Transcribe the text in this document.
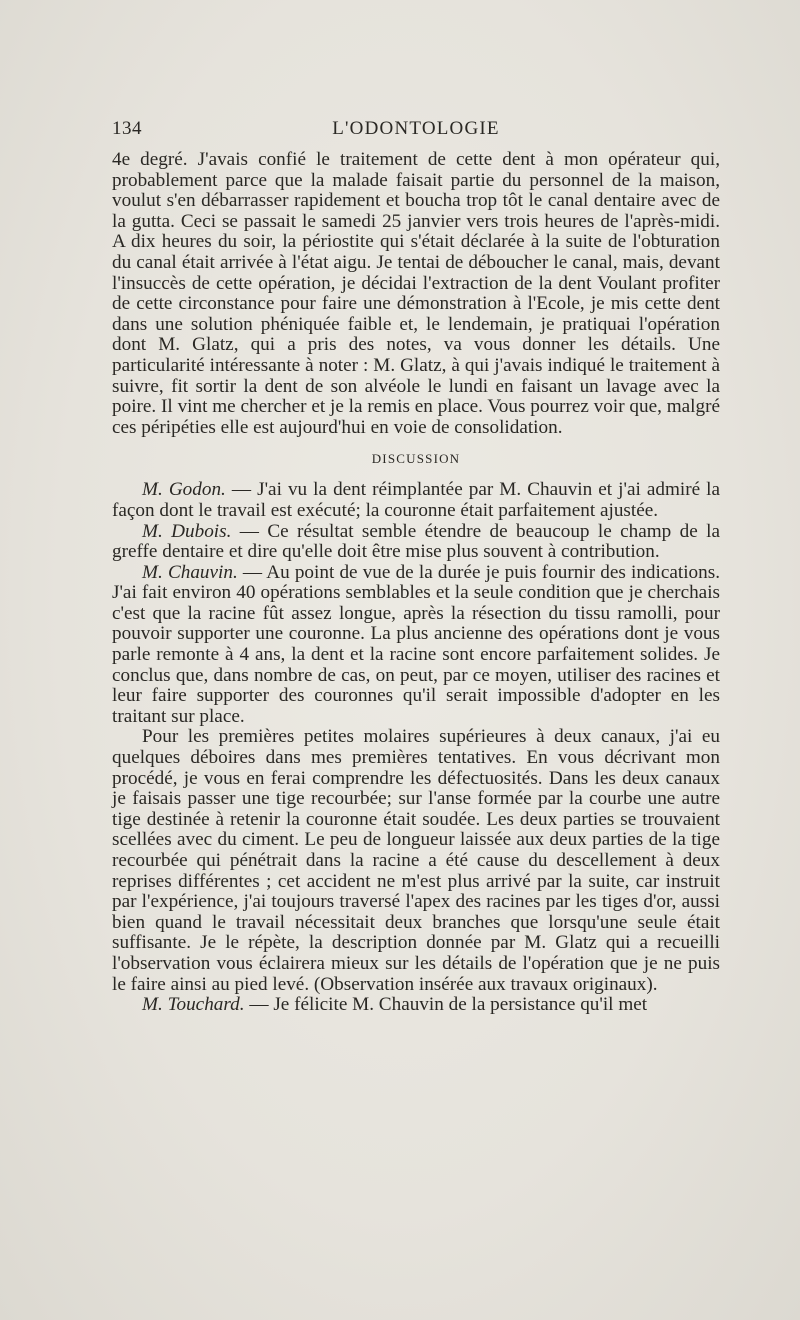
134	L'ODONTOLOGIE

4e degré. J'avais confié le traitement de cette dent à mon opérateur qui, probablement parce que la malade faisait partie du personnel de la maison, voulut s'en débarrasser rapidement et boucha trop tôt le canal dentaire avec de la gutta. Ceci se passait le samedi 25 janvier vers trois heures de l'après-midi. A dix heures du soir, la périostite qui s'était déclarée à la suite de l'obturation du canal était arrivée à l'état aigu. Je tentai de déboucher le canal, mais, devant l'insuccès de cette opération, je décidai l'extraction de la dent Voulant profiter de cette circonstance pour faire une démonstration à l'Ecole, je mis cette dent dans une solution phéniquée faible et, le lendemain, je pratiquai l'opération dont M. Glatz, qui a pris des notes, va vous donner les détails. Une particularité intéressante à noter : M. Glatz, à qui j'avais indiqué le traitement à suivre, fit sortir la dent de son alvéole le lundi en faisant un lavage avec la poire. Il vint me chercher et je la remis en place. Vous pourrez voir que, malgré ces péripéties elle est aujourd'hui en voie de consolidation.

DISCUSSION

M. Godon. — J'ai vu la dent réimplantée par M. Chauvin et j'ai admiré la façon dont le travail est exécuté; la couronne était parfaitement ajustée.

M. Dubois. — Ce résultat semble étendre de beaucoup le champ de la greffe dentaire et dire qu'elle doit être mise plus souvent à contribution.

M. Chauvin. — Au point de vue de la durée je puis fournir des indications. J'ai fait environ 40 opérations semblables et la seule condition que je cherchais c'est que la racine fût assez longue, après la résection du tissu ramolli, pour pouvoir supporter une couronne. La plus ancienne des opérations dont je vous parle remonte à 4 ans, la dent et la racine sont encore parfaitement solides. Je conclus que, dans nombre de cas, on peut, par ce moyen, utiliser des racines et leur faire supporter des couronnes qu'il serait impossible d'adopter en les traitant sur place.

Pour les premières petites molaires supérieures à deux canaux, j'ai eu quelques déboires dans mes premières tentatives. En vous décrivant mon procédé, je vous en ferai comprendre les défectuosités. Dans les deux canaux je faisais passer une tige recourbée; sur l'anse formée par la courbe une autre tige destinée à retenir la couronne était soudée. Les deux parties se trouvaient scellées avec du ciment. Le peu de longueur laissée aux deux parties de la tige recourbée qui pénétrait dans la racine a été cause du descellement à deux reprises différentes ; cet accident ne m'est plus arrivé par la suite, car instruit par l'expérience, j'ai toujours traversé l'apex des racines par les tiges d'or, aussi bien quand le travail nécessitait deux branches que lorsqu'une seule était suffisante. Je le répète, la description donnée par M. Glatz qui a recueilli l'observation vous éclairera mieux sur les détails de l'opération que je ne puis le faire ainsi au pied levé. (Observation insérée aux travaux originaux).

M. Touchard. — Je félicite M. Chauvin de la persistance qu'il met
